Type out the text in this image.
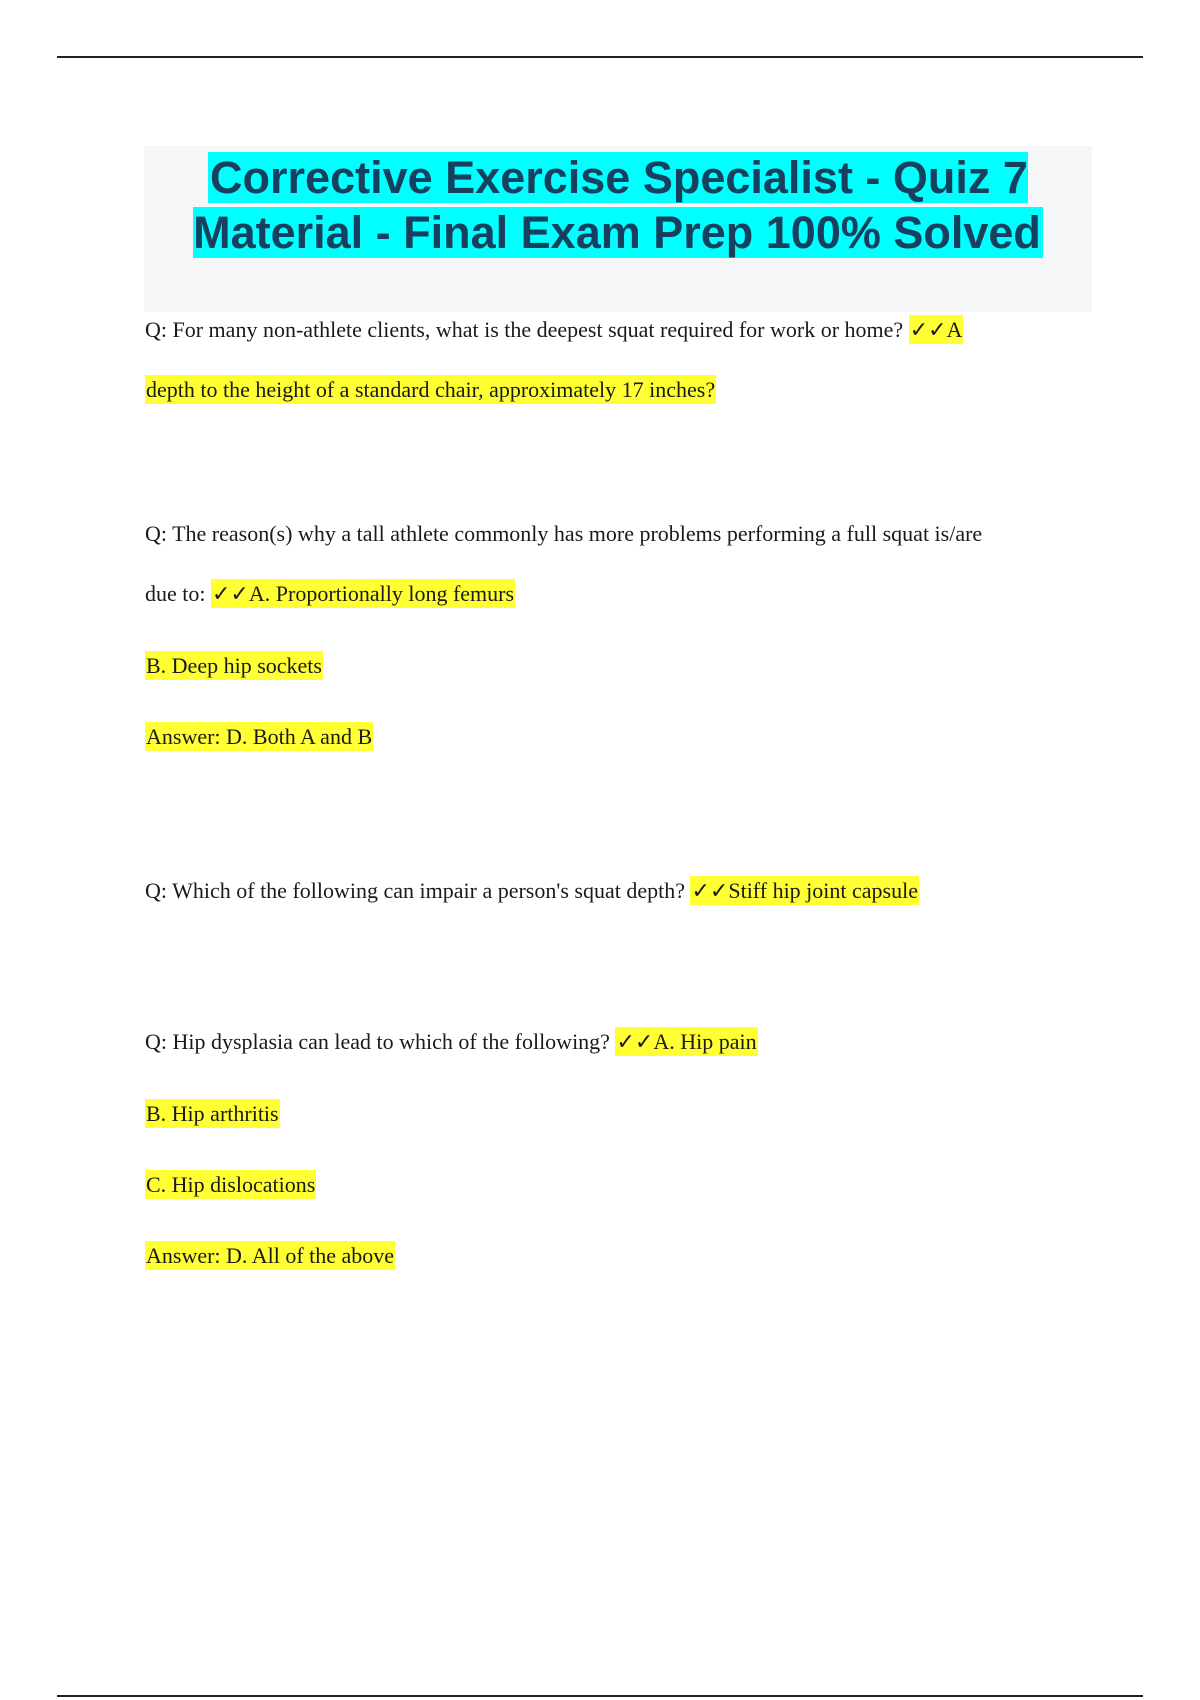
Corrective Exercise Specialist - Quiz 7 Material - Final Exam Prep 100% Solved

Q: For many non-athlete clients, what is the deepest squat required for work or home? ✓✓A

depth to the height of a standard chair, approximately 17 inches?

Q: The reason(s) why a tall athlete commonly has more problems performing a full squat is/are

due to: ✓✓A. Proportionally long femurs

B. Deep hip sockets

Answer: D. Both A and B

Q: Which of the following can impair a person's squat depth? ✓✓Stiff hip joint capsule

Q: Hip dysplasia can lead to which of the following? ✓✓A. Hip pain

B. Hip arthritis

C. Hip dislocations

Answer: D. All of the above
